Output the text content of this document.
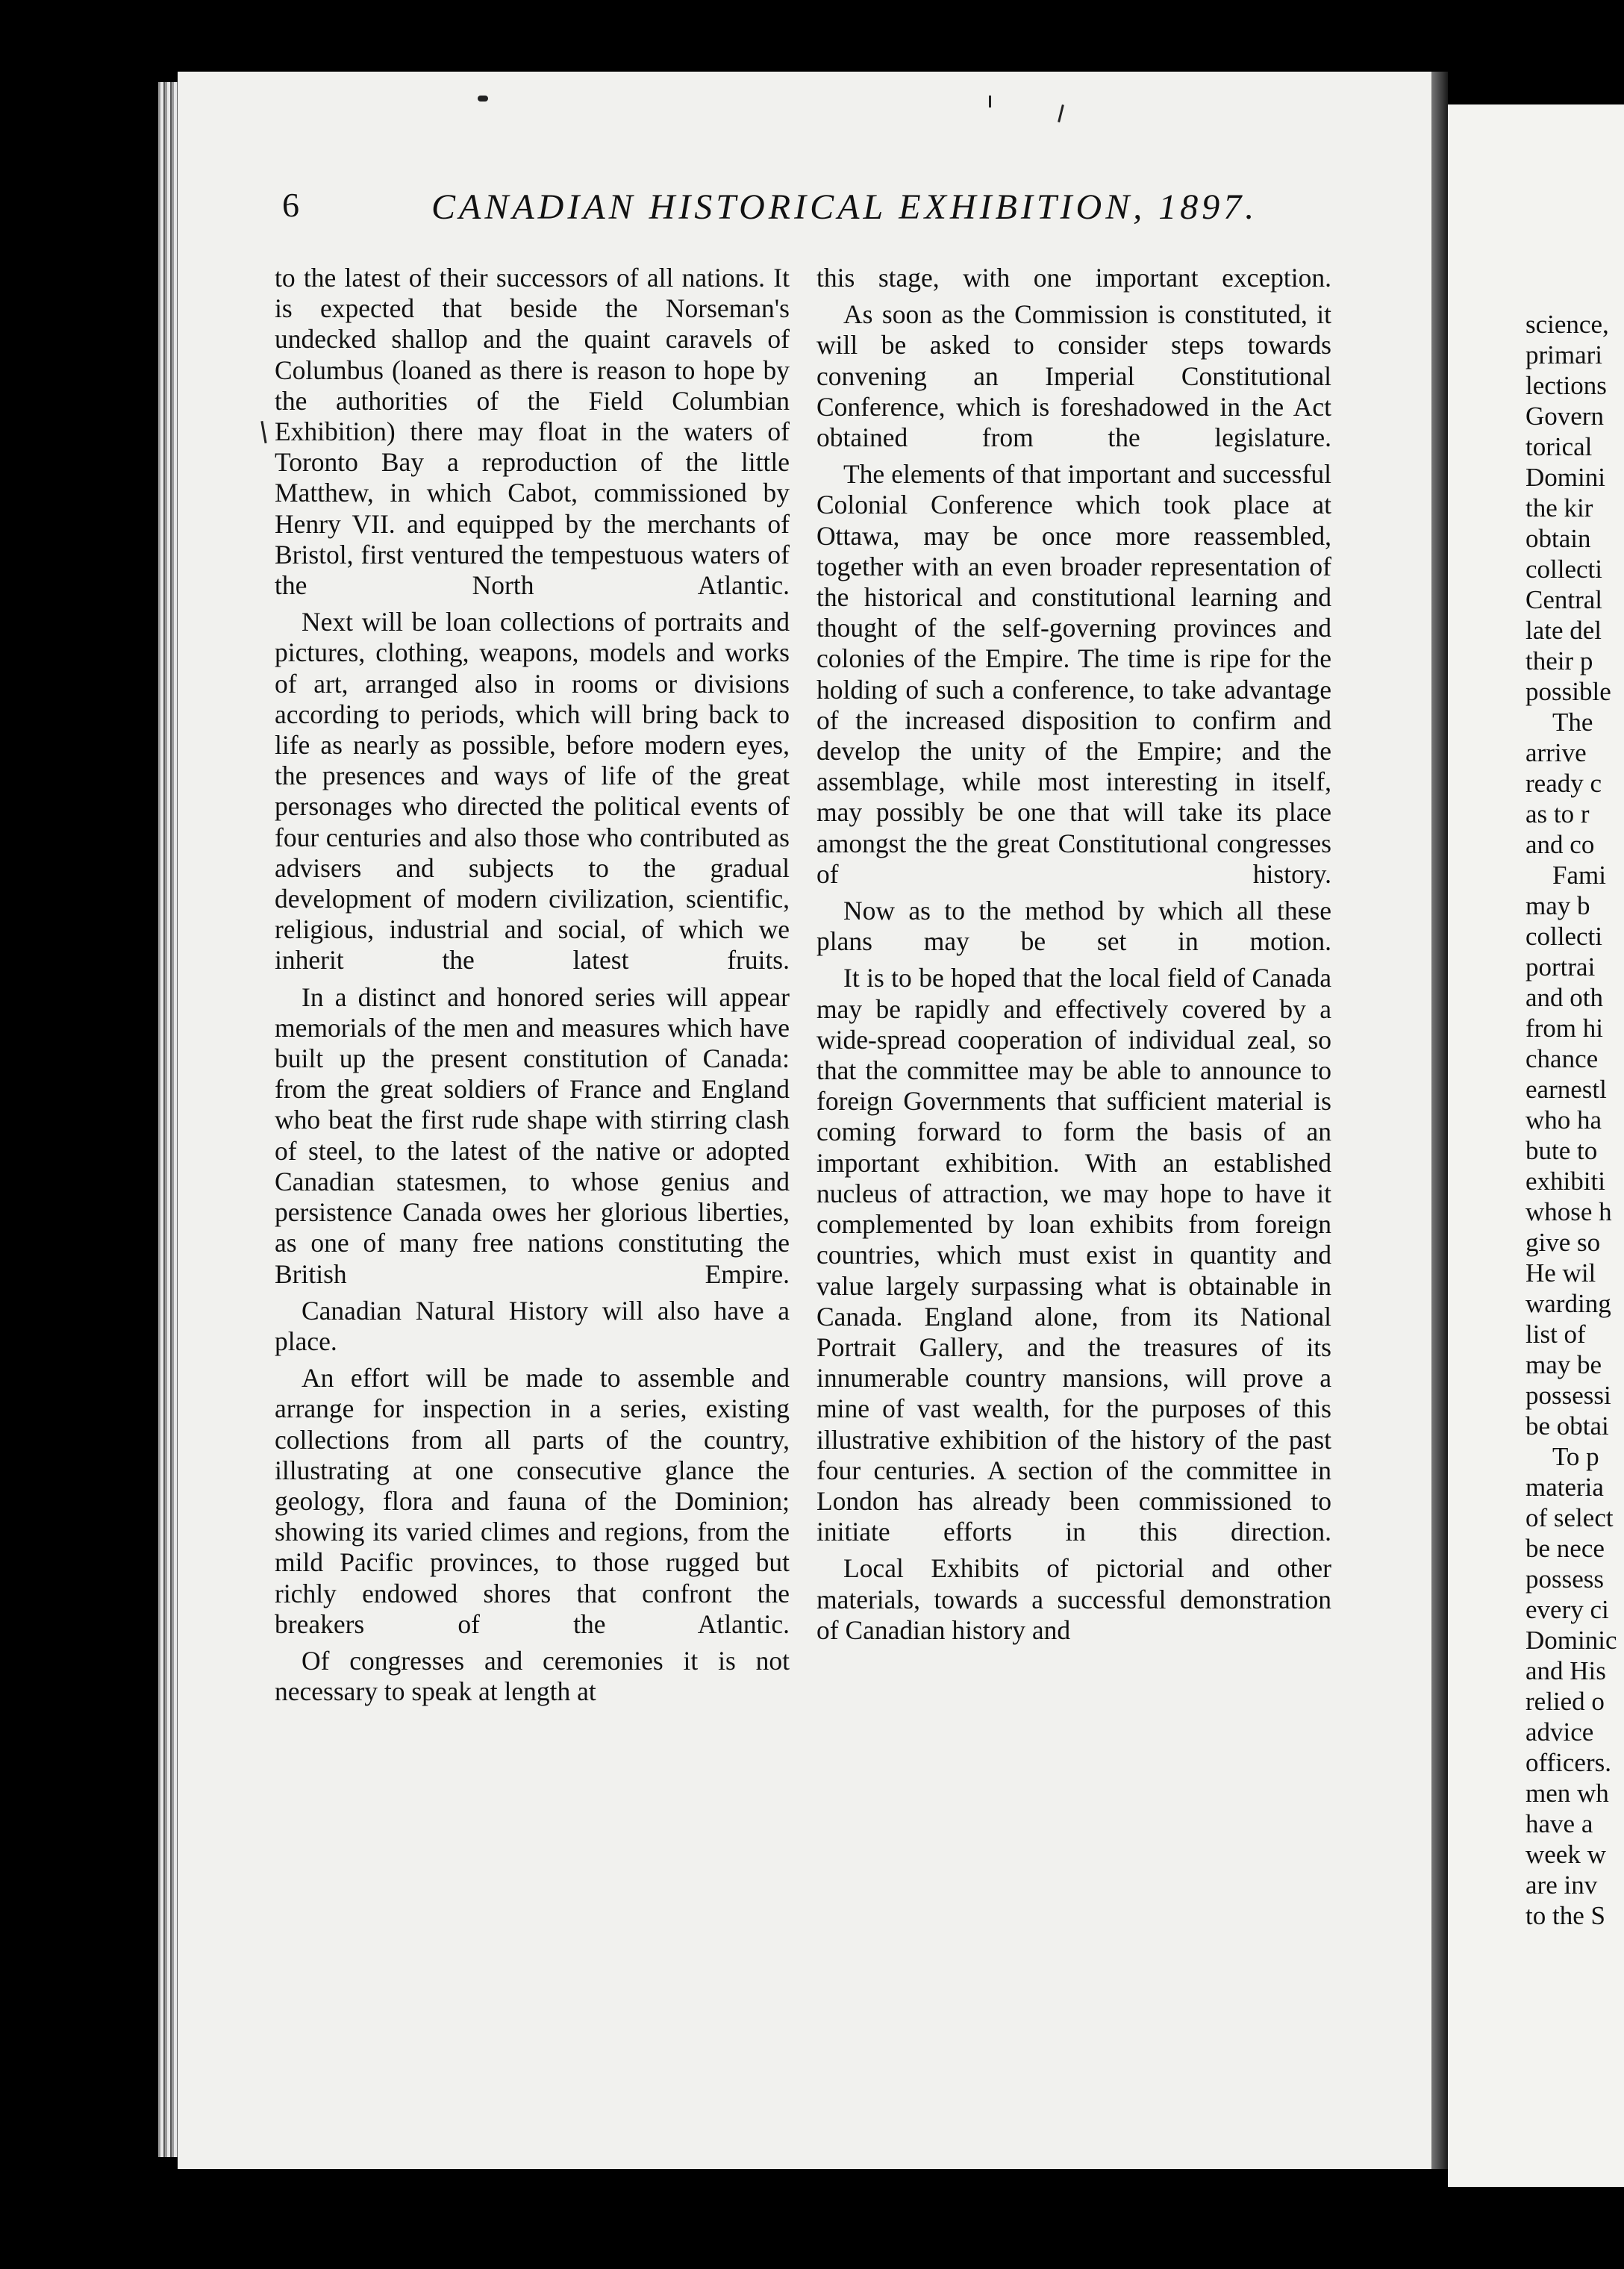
6	CANADIAN HISTORICAL EXHIBITION, 1897.

to the latest of their successors of all nations. It is expected that beside the Norseman's undecked shallop and the quaint caravels of Columbus (loaned as there is reason to hope by the authorities of the Field Columbian Exhibition) there may float in the waters of Toronto Bay a reproduction of the little Matthew, in which Cabot, commissioned by Henry VII. and equipped by the merchants of Bristol, first ventured the tempestuous waters of the North Atlantic.

Next will be loan collections of portraits and pictures, clothing, weapons, models and works of art, arranged also in rooms or divisions according to periods, which will bring back to life as nearly as possible, before modern eyes, the presences and ways of life of the great personages who directed the political events of four centuries and also those who contributed as advisers and subjects to the gradual development of modern civilization, scientific, religious, industrial and social, of which we inherit the latest fruits.

In a distinct and honored series will appear memorials of the men and measures which have built up the present constitution of Canada: from the great soldiers of France and England who beat the first rude shape with stirring clash of steel, to the latest of the native or adopted Canadian statesmen, to whose genius and persistence Canada owes her glorious liberties, as one of many free nations constituting the British Empire.

Canadian Natural History will also have a place.

An effort will be made to assemble and arrange for inspection in a series, existing collections from all parts of the country, illustrating at one consecutive glance the geology, flora and fauna of the Dominion; showing its varied climes and regions, from the mild Pacific provinces, to those rugged but richly endowed shores that confront the breakers of the Atlantic.

Of congresses and ceremonies it is not necessary to speak at length at

this stage, with one important exception.

As soon as the Commission is constituted, it will be asked to consider steps towards convening an Imperial Constitutional Conference, which is foreshadowed in the Act obtained from the legislature.

The elements of that important and successful Colonial Conference which took place at Ottawa, may be once more reassembled, together with an even broader representation of the historical and constitutional learning and thought of the self-governing provinces and colonies of the Empire. The time is ripe for the holding of such a conference, to take advantage of the increased disposition to confirm and develop the unity of the Empire; and the assemblage, while most interesting in itself, may possibly be one that will take its place amongst the the great Constitutional congresses of history.

Now as to the method by which all these plans may be set in motion.

It is to be hoped that the local field of Canada may be rapidly and effectively covered by a wide-spread cooperation of individual zeal, so that the committee may be able to announce to foreign Governments that sufficient material is coming forward to form the basis of an important exhibition. With an established nucleus of attraction, we may hope to have it complemented by loan exhibits from foreign countries, which must exist in quantity and value largely surpassing what is obtainable in Canada. England alone, from its National Portrait Gallery, and the treasures of its innumerable country mansions, will prove a mine of vast wealth, for the purposes of this illustrative exhibition of the history of the past four centuries. A section of the committee in London has already been commissioned to initiate efforts in this direction.

Local Exhibits of pictorial and other materials, towards a successful demonstration of Canadian history and

science,

primari

lections

Govern

torical

Domini

the kir

obtain

collecti

Central

late del

their p

possible

The

arrive

ready c

as to r

and co

Fami

may b

collecti

portrai

and oth

from hi

chance

earnestl

who ha

bute to

exhibiti

whose h

give so

He wil

warding

list of

may be

possessi

be obtai

To p

materia

of select

be nece

possess

every ci

Dominic

and His

relied o

advice

officers.

men wh

have a

week w

are inv

to the S
